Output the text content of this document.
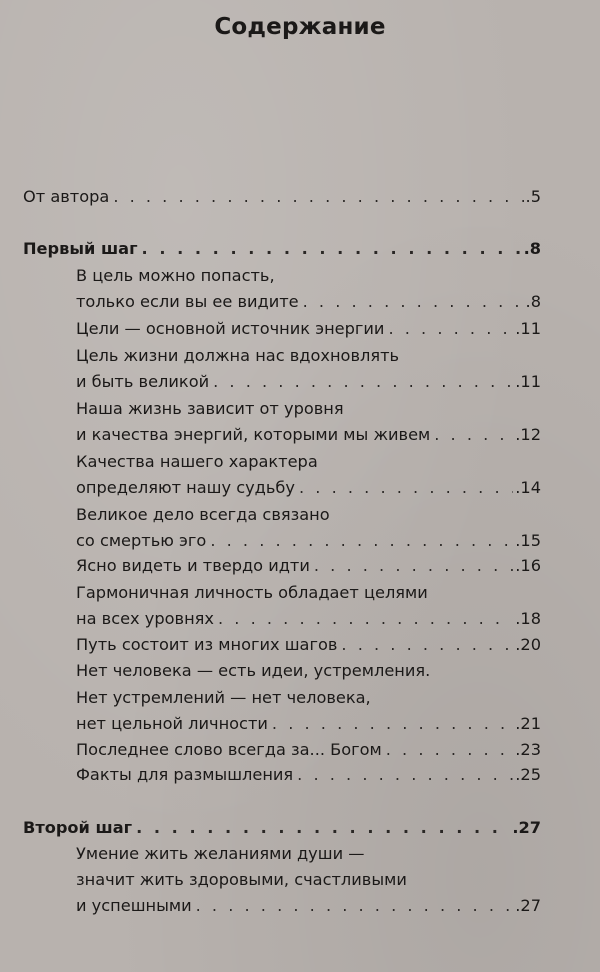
Содержание
От автора . . .	.5
Первый шаг . . .	.8
В цель можно попасть,
только если вы ее видите . . .	.8
Цели — основной источник энергии . . .	.11
Цель жизни должна нас вдохновлять
и быть великой . . .	.11
Наша жизнь зависит от уровня
и качества энергий, которыми мы живем . . .	.12
Качества нашего характера
определяют нашу судьбу . . .	.14
Великое дело всегда связано
со смертью эго . . .	.15
Ясно видеть и твердо идти . . .	.16
Гармоничная личность обладает целями
на всех уровнях . . .	.18
Путь состоит из многих шагов . . .	.20
Нет человека — есть идеи, устремления.
Нет устремлений — нет человека,
нет цельной личности . . .	.21
Последнее слово всегда за... Богом . . .	.23
Факты для размышления . . .	.25
Второй шаг . . .	.27
Умение жить желаниями души —
значит жить здоровыми, счастливыми
и успешными . . .	.27
